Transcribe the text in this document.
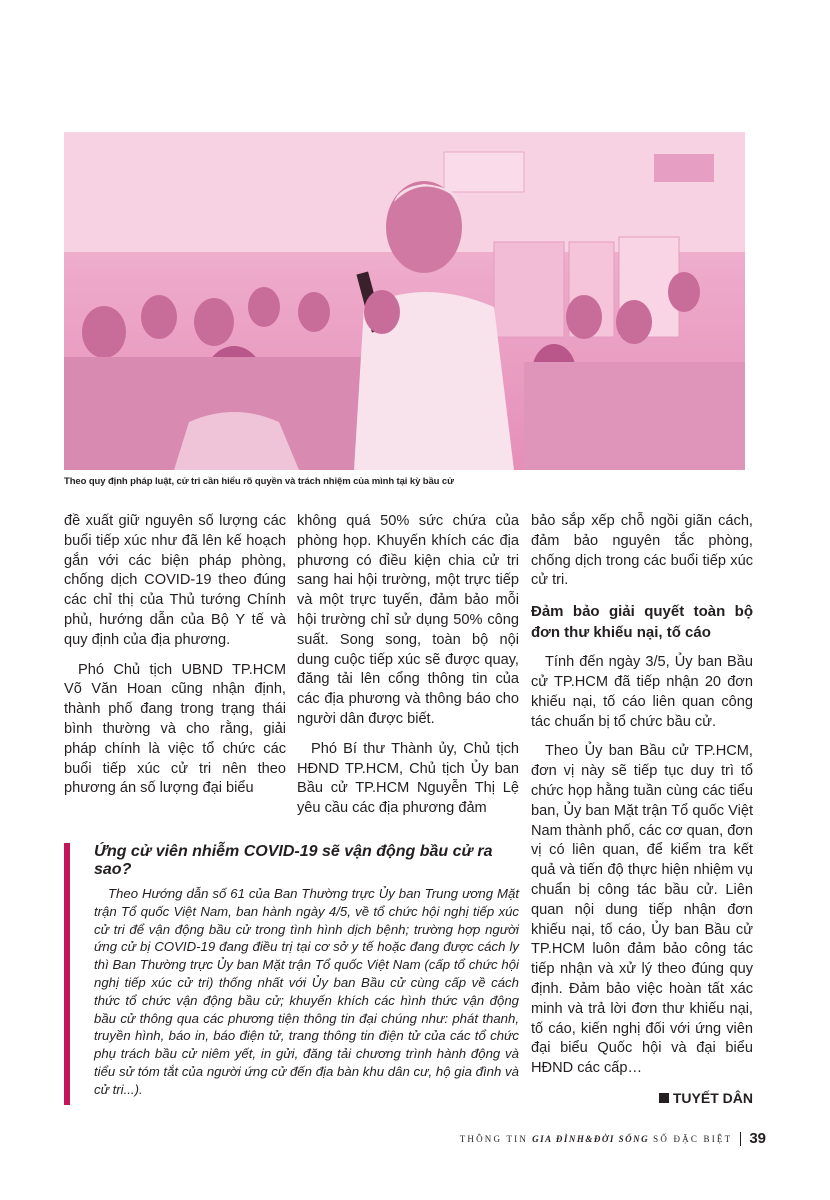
Theo quy định pháp luật, cử tri cần hiểu rõ quyền và trách nhiệm của mình tại kỳ bầu cử

đề xuất giữ nguyên số lượng các buổi tiếp xúc như đã lên kế hoạch gắn với các biện pháp phòng, chống dịch COVID-19 theo đúng các chỉ thị của Thủ tướng Chính phủ, hướng dẫn của Bộ Y tế và quy định của địa phương.

Phó Chủ tịch UBND TP.HCM Võ Văn Hoan cũng nhận định, thành phố đang trong trạng thái bình thường và cho rằng, giải pháp chính là việc tổ chức các buổi tiếp xúc cử tri nên theo phương án số lượng đại biểu

không quá 50% sức chứa của phòng họp. Khuyến khích các địa phương có điều kiện chia cử tri sang hai hội trường, một trực tiếp và một trực tuyến, đảm bảo mỗi hội trường chỉ sử dụng 50% công suất. Song song, toàn bộ nội dung cuộc tiếp xúc sẽ được quay, đăng tải lên cổng thông tin của các địa phương và thông báo cho người dân được biết.

Phó Bí thư Thành ủy, Chủ tịch HĐND TP.HCM, Chủ tịch Ủy ban Bầu cử TP.HCM Nguyễn Thị Lệ yêu cầu các địa phương đảm

bảo sắp xếp chỗ ngồi giãn cách, đảm bảo nguyên tắc phòng, chống dịch trong các buổi tiếp xúc cử tri.

Đảm bảo giải quyết toàn bộ đơn thư khiếu nại, tố cáo

Tính đến ngày 3/5, Ủy ban Bầu cử TP.HCM đã tiếp nhận 20 đơn khiếu nại, tố cáo liên quan công tác chuẩn bị tổ chức bầu cử.

Theo Ủy ban Bầu cử TP.HCM, đơn vị này sẽ tiếp tục duy trì tổ chức họp hằng tuần cùng các tiểu ban, Ủy ban Mặt trận Tổ quốc Việt Nam thành phố, các cơ quan, đơn vị có liên quan, để kiểm tra kết quả và tiến độ thực hiện nhiệm vụ chuẩn bị công tác bầu cử. Liên quan nội dung tiếp nhận đơn khiếu nại, tố cáo, Ủy ban Bầu cử TP.HCM luôn đảm bảo công tác tiếp nhận và xử lý theo đúng quy định. Đảm bảo việc hoàn tất xác minh và trả lời đơn thư khiếu nại, tố cáo, kiến nghị đối với ứng viên đại biểu Quốc hội và đại biểu HĐND các cấp…

TUYẾT DÂN
Ứng cử viên nhiễm COVID-19 sẽ vận động bầu cử ra sao?

Theo Hướng dẫn số 61 của Ban Thường trực Ủy ban Trung ương Mặt trận Tổ quốc Việt Nam, ban hành ngày 4/5, về tổ chức hội nghị tiếp xúc cử tri để vận động bầu cử trong tình hình dịch bệnh; trường hợp người ứng cử bị COVID-19 đang điều trị tại cơ sở y tế hoặc đang được cách ly thì Ban Thường trực Ủy ban Mặt trận Tổ quốc Việt Nam (cấp tổ chức hội nghị tiếp xúc cử tri) thống nhất với Ủy ban Bầu cử cùng cấp về cách thức tổ chức vận động bầu cử; khuyến khích các hình thức vận động bầu cử thông qua các phương tiện thông tin đại chúng như: phát thanh, truyền hình, báo in, báo điện tử, trang thông tin điện tử của các tổ chức phụ trách bầu cử niêm yết, in gửi, đăng tải chương trình hành động và tiểu sử tóm tắt của người ứng cử đến địa bàn khu dân cư, hộ gia đình và cử tri...).

THÔNG TIN GIA ĐÌNH&ĐỜI SỐNG SỐ ĐẶC BIỆT 39
